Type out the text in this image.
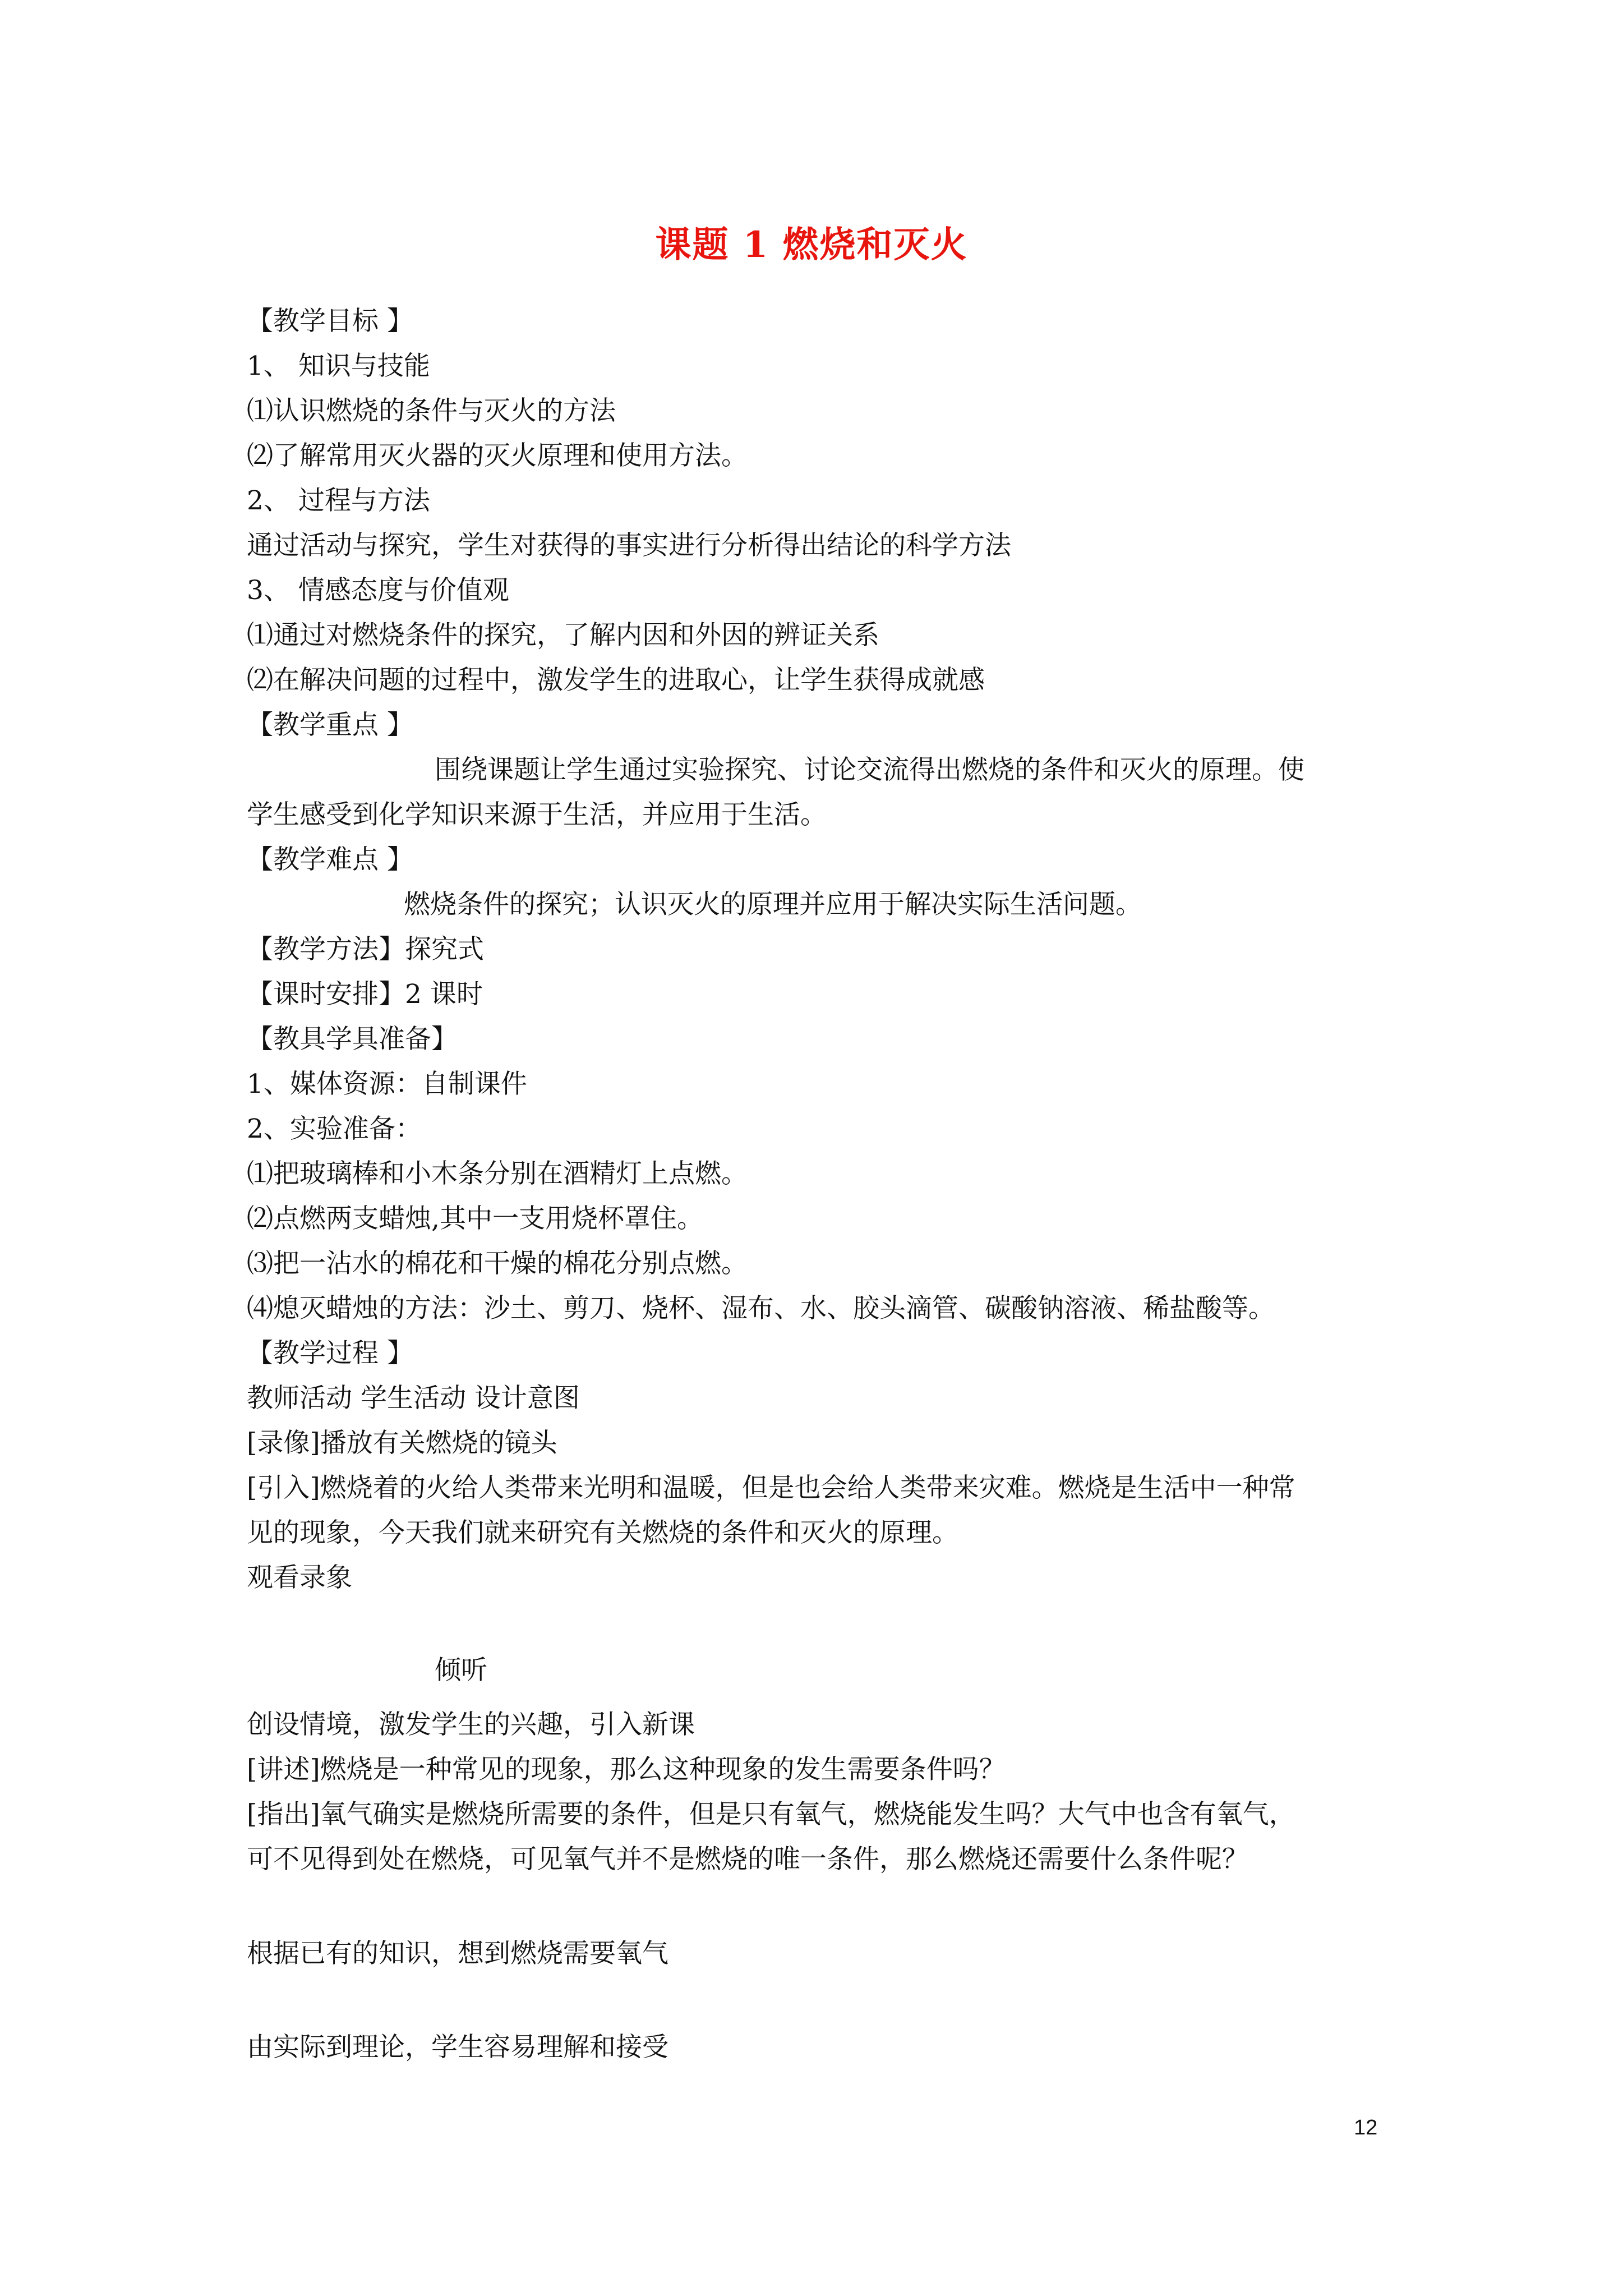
课题 1 燃烧和灭火
【教学目标 】
1、 知识与技能
⑴认识燃烧的条件与灭火的方法
⑵了解常用灭火器的灭火原理和使用方法。
2、 过程与方法
通过活动与探究，学生对获得的事实进行分析得出结论的科学方法
3、 情感态度与价值观
⑴通过对燃烧条件的探究，了解内因和外因的辨证关系
⑵在解决问题的过程中，激发学生的进取心，让学生获得成就感
【教学重点 】
围绕课题让学生通过实验探究、讨论交流得出燃烧的条件和灭火的原理。使
学生感受到化学知识来源于生活，并应用于生活。
【教学难点 】
燃烧条件的探究；认识灭火的原理并应用于解决实际生活问题。
【教学方法】探究式
【课时安排】2 课时
【教具学具准备】
1、媒体资源：自制课件
2、实验准备：
⑴把玻璃棒和小木条分别在酒精灯上点燃。
⑵点燃两支蜡烛,其中一支用烧杯罩住。
⑶把一沾水的棉花和干燥的棉花分别点燃。
⑷熄灭蜡烛的方法：沙土、剪刀、烧杯、湿布、水、胶头滴管、碳酸钠溶液、稀盐酸等。
【教学过程 】
教师活动 学生活动 设计意图
[录像]播放有关燃烧的镜头
[引入]燃烧着的火给人类带来光明和温暖，但是也会给人类带来灾难。燃烧是生活中一种常
见的现象，今天我们就来研究有关燃烧的条件和灭火的原理。
观看录象
倾听
创设情境，激发学生的兴趣，引入新课
[讲述]燃烧是一种常见的现象，那么这种现象的发生需要条件吗？
[指出]氧气确实是燃烧所需要的条件，但是只有氧气，燃烧能发生吗？大气中也含有氧气，
可不见得到处在燃烧，可见氧气并不是燃烧的唯一条件，那么燃烧还需要什么条件呢？
根据已有的知识，想到燃烧需要氧气
由实际到理论，学生容易理解和接受
12
